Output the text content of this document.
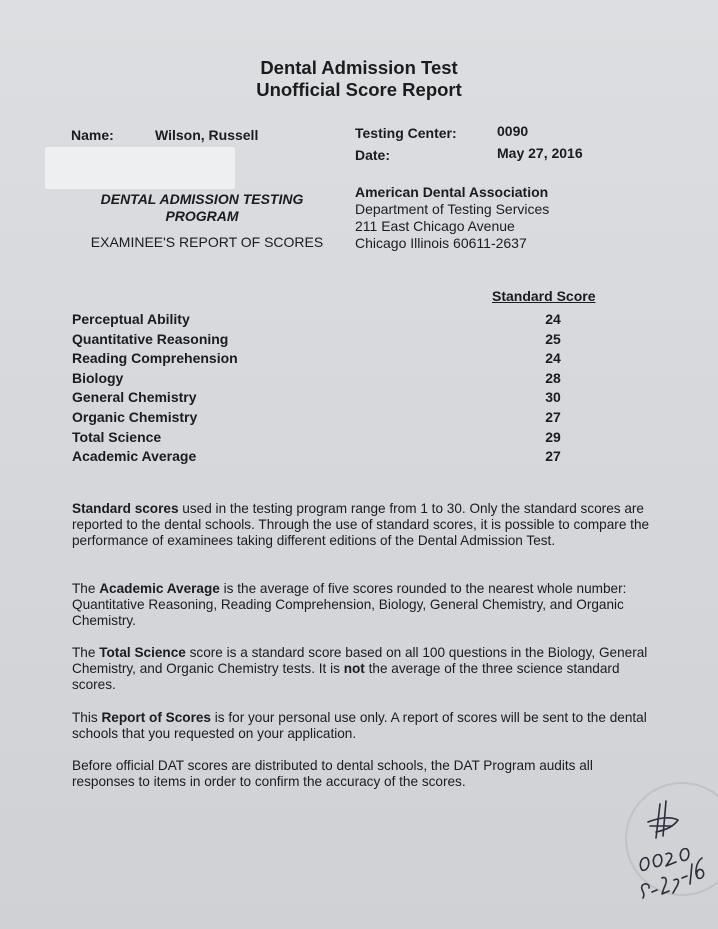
Dental Admission Test
Unofficial Score Report
Name:	Wilson, Russell	Testing Center:	0090
Date:	May 27, 2016
DENTAL ADMISSION TESTING
PROGRAM
EXAMINEE'S REPORT OF SCORES
American Dental Association
Department of Testing Services
211 East Chicago Avenue
Chicago Illinois 60611-2637
Standard Score
Perceptual Ability	24
Quantitative Reasoning	25
Reading Comprehension	24
Biology	28
General Chemistry	30
Organic Chemistry	27
Total Science	29
Academic Average	27
Standard scores used in the testing program range from 1 to 30. Only the standard scores are reported to the dental schools. Through the use of standard scores, it is possible to compare the performance of examinees taking different editions of the Dental Admission Test.
The Academic Average is the average of five scores rounded to the nearest whole number: Quantitative Reasoning, Reading Comprehension, Biology, General Chemistry, and Organic Chemistry.
The Total Science score is a standard score based on all 100 questions in the Biology, General Chemistry, and Organic Chemistry tests. It is not the average of the three science standard scores.
This Report of Scores is for your personal use only. A report of scores will be sent to the dental schools that you requested on your application.
Before official DAT scores are distributed to dental schools, the DAT Program audits all responses to items in order to confirm the accuracy of the scores.
